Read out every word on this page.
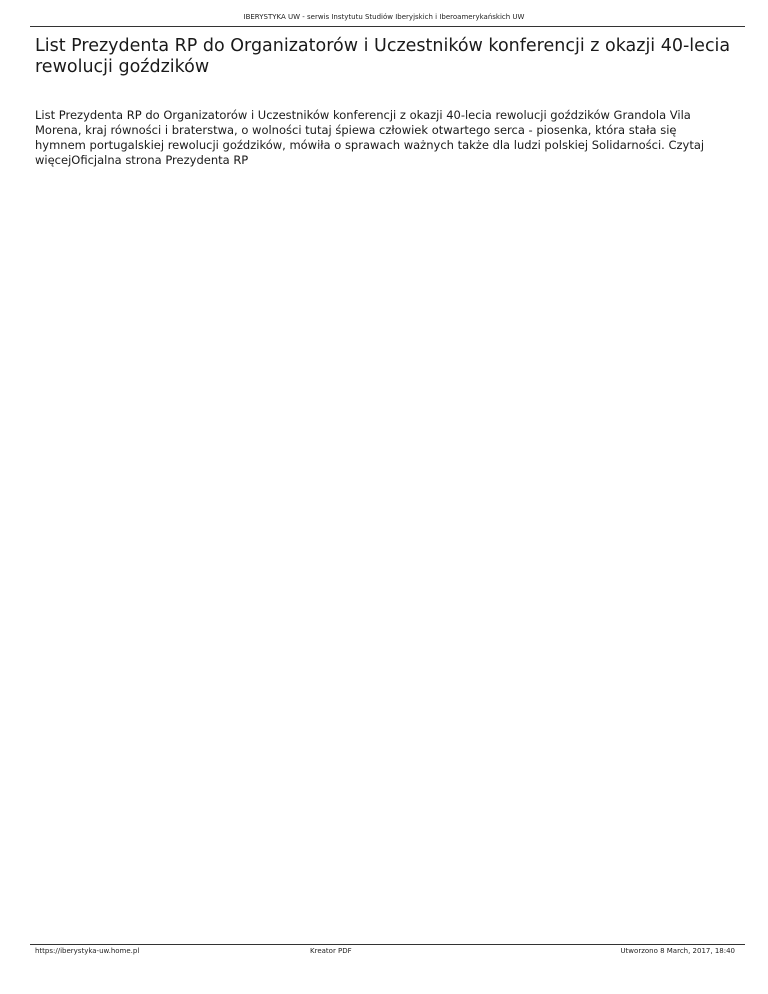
IBERYSTYKA UW - serwis Instytutu Studiów Iberyjskich i Iberoamerykańskich UW
List Prezydenta RP do Organizatorów i Uczestników konferencji z okazji 40-lecia rewolucji goździków

List Prezydenta RP do Organizatorów i Uczestników konferencji z okazji 40-lecia rewolucji goździków Grandola Vila Morena, kraj równości i braterstwa, o wolności tutaj śpiewa człowiek otwartego serca - piosenka, która stała się hymnem portugalskiej rewolucji goździków, mówiła o sprawach ważnych także dla ludzi polskiej Solidarności. Czytaj więcejOficjalna strona Prezydenta RP

https://iberystyka-uw.home.pl	Kreator PDF	Utworzono 8 March, 2017, 18:40
